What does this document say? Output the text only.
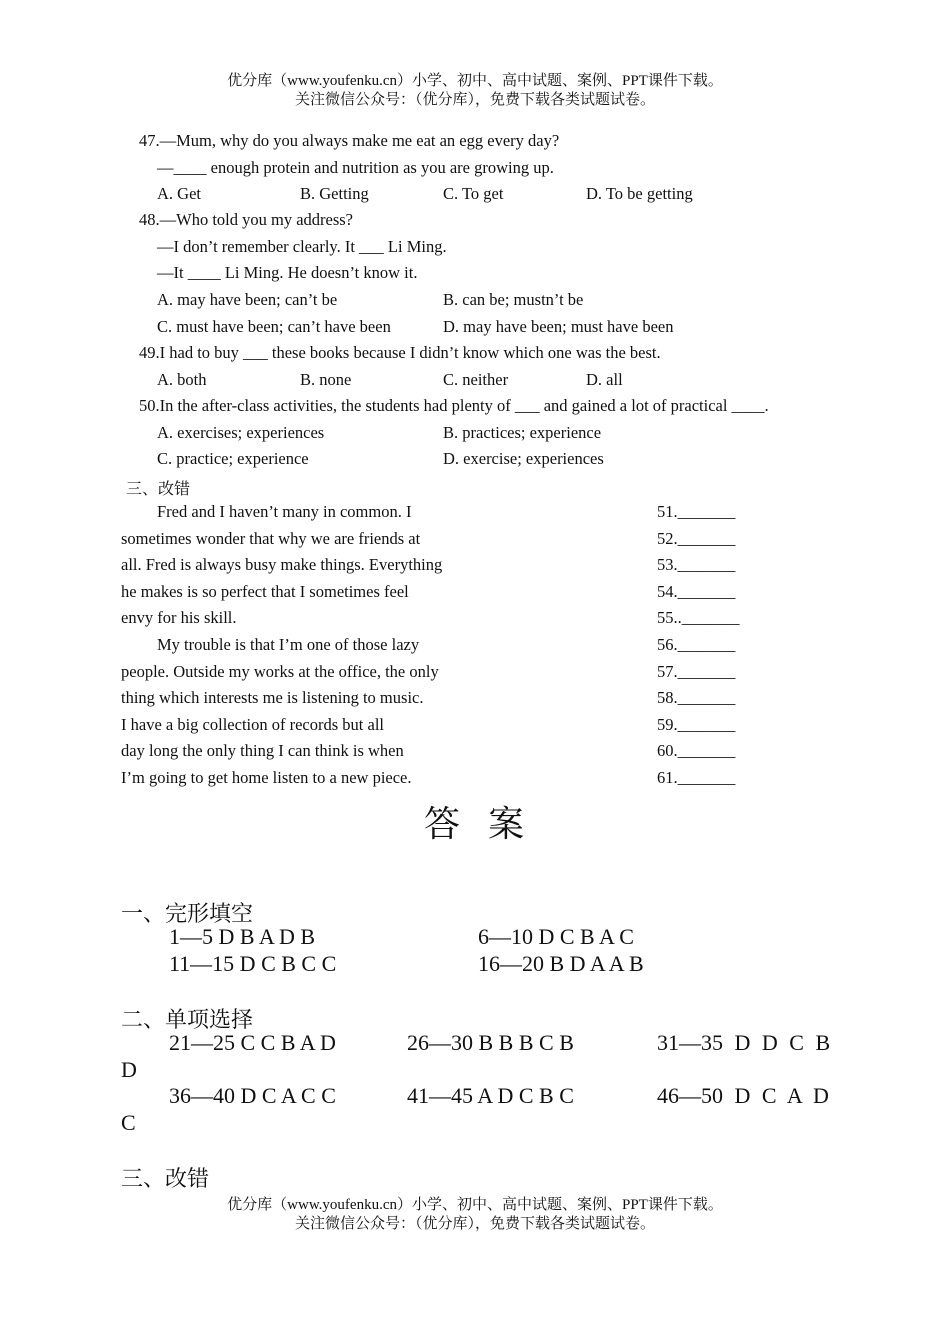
优分库（www.youfenku.cn）小学、初中、高中试题、案例、PPT课件下载。
关注微信公众号：（优分库），免费下载各类试题试卷。
47.—Mum, why do you always make me eat an egg every day?
—____ enough protein and nutrition as you are growing up.
A. Get	B. Getting	C. To get	D. To be getting
48.—Who told you my address?
—I don’t remember clearly. It ___ Li Ming.
—It ____ Li Ming. He doesn’t know it.
A. may have been; can’t be	B. can be; mustn’t be
C. must have been; can’t have been	D. may have been; must have been
49.I had to buy ___ these books because I didn’t know which one was the best.
A. both	B. none	C. neither	D. all
50.In the after-class activities, the students had plenty of ___ and gained a lot of practical ____.
A. exercises; experiences	B. practices; experience
C. practice; experience	D. exercise; experiences
三、改错
Fred and I haven’t many in common. I	51._______
sometimes wonder that why we are friends at	52._______
all. Fred is always busy make things. Everything	53._______
he makes is so perfect that I sometimes feel	54._______
envy for his skill.	55.._______
My trouble is that I’m one of those lazy	56._______
people. Outside my works at the office, the only	57._______
thing which interests me is listening to music.	58._______
I have a big collection of records but all	59._______
day long the only thing I can think is when	60._______
I’m going to get home listen to a new piece.	61._______
答案
一、完形填空
1—5 D B A D B	6—10 D C B A C
11—15 D C B C C	16—20 B D A A B
二、单项选择
21—25 C C B A D	26—30 B B B C B	31—35 D D C B
D
36—40 D C A C C	41—45 A D C B C	46—50 D C A D
C
三、改错
优分库（www.youfenku.cn）小学、初中、高中试题、案例、PPT课件下载。
关注微信公众号：（优分库），免费下载各类试题试卷。
